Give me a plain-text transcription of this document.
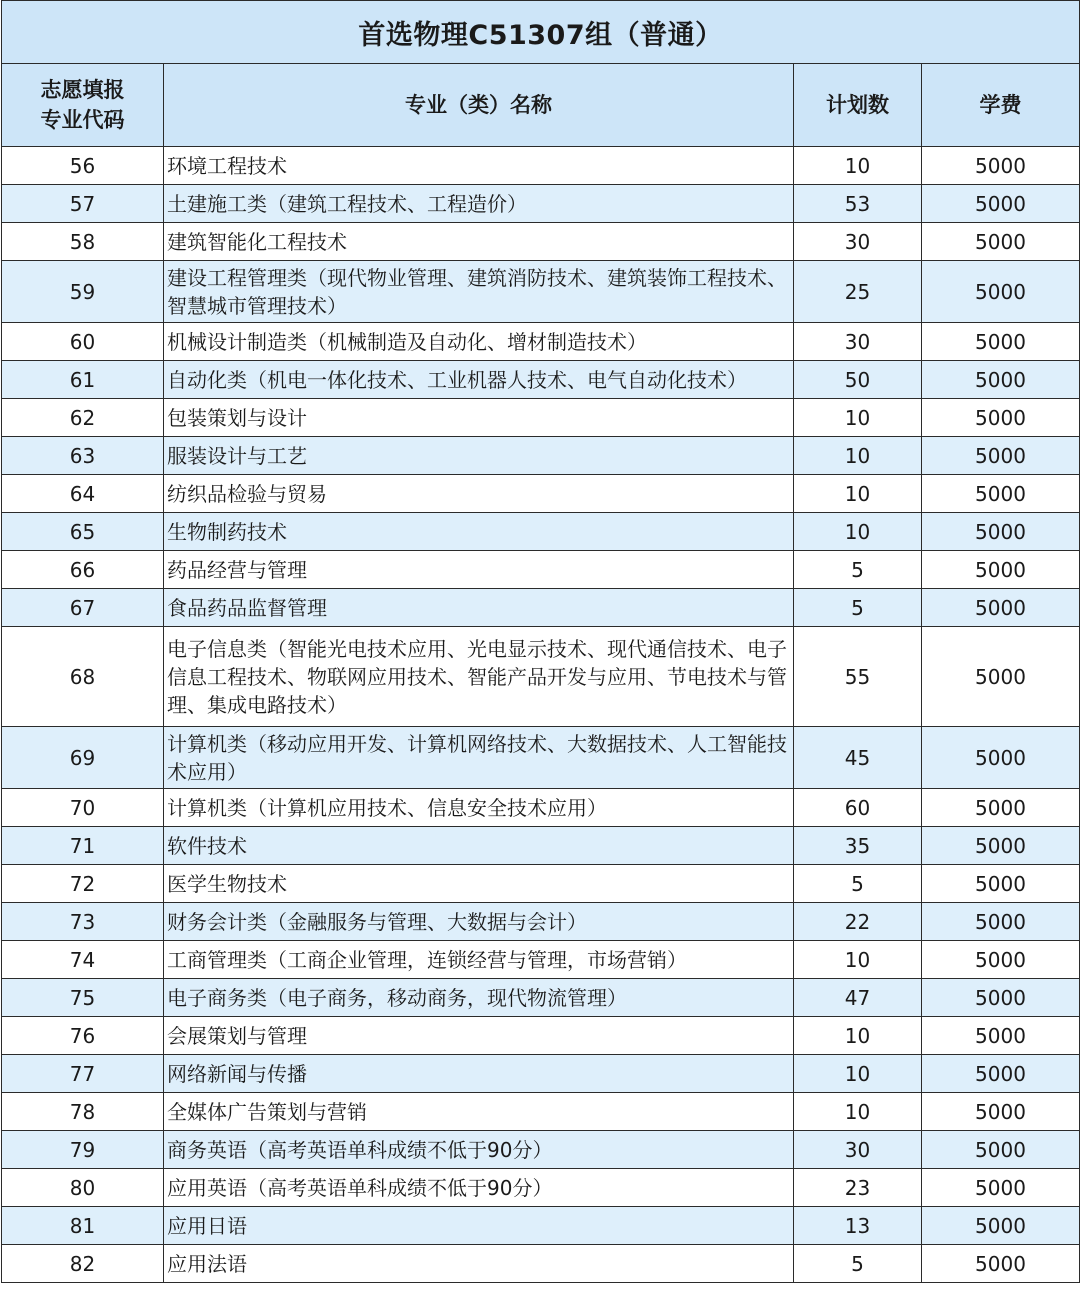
首选物理C51307组（普通）			

志愿填报
专业代码	专业（类）名称	计划数	学费
56	环境工程技术	10	5000
57	土建施工类（建筑工程技术、工程造价）	53	5000
58	建筑智能化工程技术	30	5000
59	建设工程管理类（现代物业管理、建筑消防技术、建筑装饰工程技术、智慧城市管理技术）	25	5000
60	机械设计制造类（机械制造及自动化、增材制造技术）	30	5000
61	自动化类（机电一体化技术、工业机器人技术、电气自动化技术）	50	5000
62	包装策划与设计	10	5000
63	服装设计与工艺	10	5000
64	纺织品检验与贸易	10	5000
65	生物制药技术	10	5000
66	药品经营与管理	5	5000
67	食品药品监督管理	5	5000
68	电子信息类（智能光电技术应用、光电显示技术、现代通信技术、电子信息工程技术、物联网应用技术、智能产品开发与应用、节电技术与管理、集成电路技术）	55	5000
69	计算机类（移动应用开发、计算机网络技术、大数据技术、人工智能技术应用）	45	5000
70	计算机类（计算机应用技术、信息安全技术应用）	60	5000
71	软件技术	35	5000
72	医学生物技术	5	5000
73	财务会计类（金融服务与管理、大数据与会计）	22	5000
74	工商管理类（工商企业管理，连锁经营与管理，市场营销）	10	5000
75	电子商务类（电子商务，移动商务，现代物流管理）	47	5000
76	会展策划与管理	10	5000
77	网络新闻与传播	10	5000
78	全媒体广告策划与营销	10	5000
79	商务英语（高考英语单科成绩不低于90分）	30	5000
80	应用英语（高考英语单科成绩不低于90分）	23	5000
81	应用日语	13	5000
82	应用法语	5	5000
